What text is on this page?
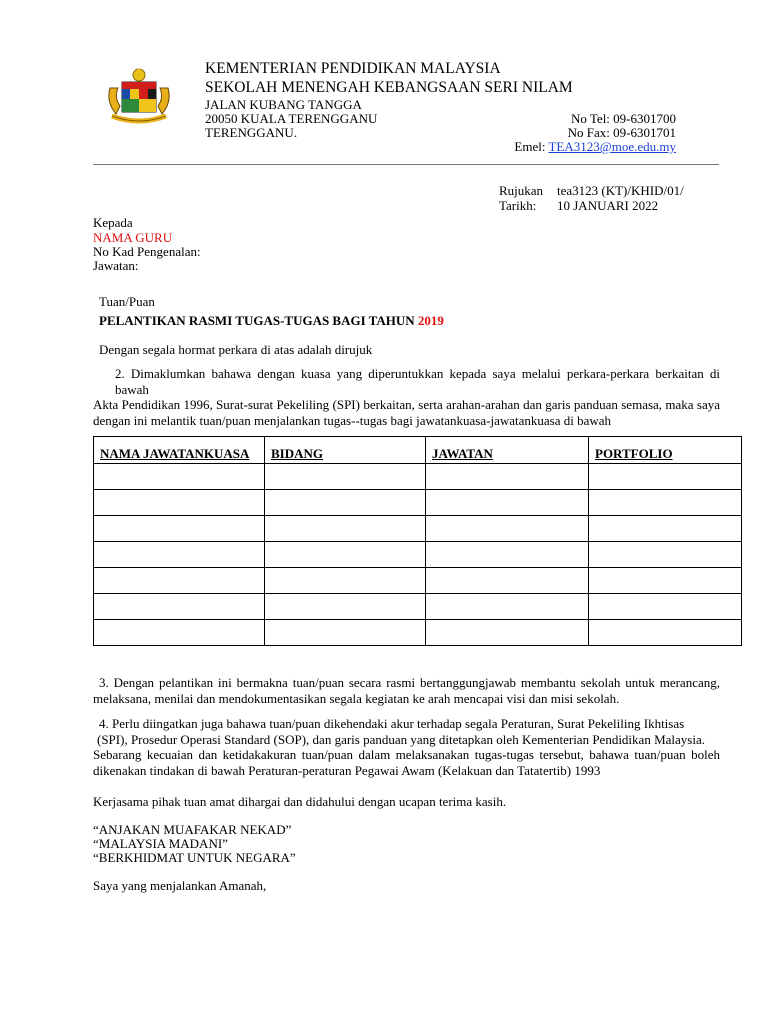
KEMENTERIAN PENDIDIKAN MALAYSIA
SEKOLAH MENENGAH KEBANGSAAN SERI NILAM
JALAN KUBANG TANGGA
20050 KUALA TERENGGANU
TERENGGANU.
No Tel: 09-6301700
No Fax: 09-6301701
Emel: TEA3123@moe.edu.my
Rujukan tea3123 (KT)/KHID/01/
Tarikh: 10 JANUARI 2022
Kepada
NAMA GURU
No Kad Pengenalan:
Jawatan:
Tuan/Puan
PELANTIKAN RASMI TUGAS-TUGAS BAGI TAHUN 2019
Dengan segala hormat perkara di atas adalah dirujuk
2. Dimaklumkan bahawa dengan kuasa yang diperuntukkan kepada saya melalui perkara-perkara berkaitan di bawah
Akta Pendidikan 1996, Surat-surat Pekeliling (SPI) berkaitan, serta arahan-arahan dan garis panduan semasa, maka saya dengan ini melantik tuan/puan menjalankan tugas--tugas bagi jawatankuasa-jawatankuasa di bawah
NAMA JAWATANKUASA	BIDANG	JAWATAN	PORTFOLIO

3. Dengan pelantikan ini bermakna tuan/puan secara rasmi bertanggungjawab membantu sekolah untuk merancang, melaksana, menilai dan mendokumentasikan segala kegiatan ke arah mencapai visi dan misi sekolah.
4. Perlu diingatkan juga bahawa tuan/puan dikehendaki akur terhadap segala Peraturan, Surat Pekeliling Ikhtisas
(SPI), Prosedur Operasi Standard (SOP), dan garis panduan yang ditetapkan oleh Kementerian Pendidikan Malaysia.
Sebarang kecuaian dan ketidakakuran tuan/puan dalam melaksanakan tugas-tugas tersebut, bahawa tuan/puan boleh dikenakan tindakan di bawah Peraturan-peraturan Pegawai Awam (Kelakuan dan Tatatertib) 1993
Kerjasama pihak tuan amat dihargai dan didahului dengan ucapan terima kasih.
“ANJAKAN MUAFAKAR NEKAD”
“MALAYSIA MADANI”
“BERKHIDMAT UNTUK NEGARA”
Saya yang menjalankan Amanah,
